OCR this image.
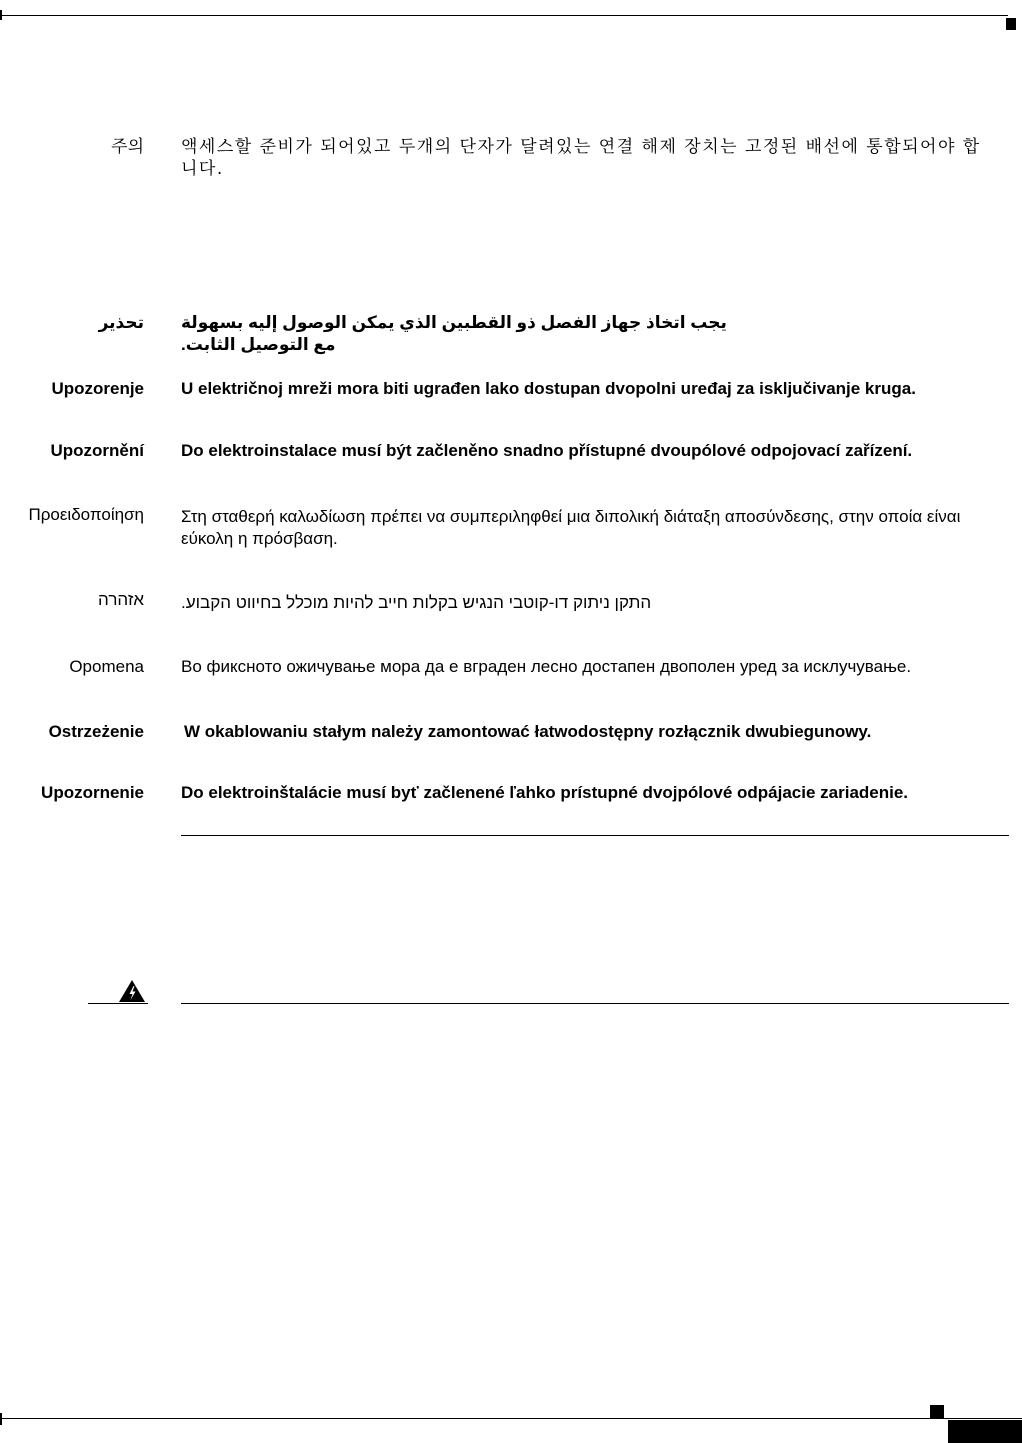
주의 액세스할 준비가 되어있고 두개의 단자가 달려있는 연결 해제 장치는 고정된 배선에 통합되어야 합니다.
تحذير يجب اتخاذ جهاز الفصل ذو القطبين الذي يمكن الوصول إليه بسهولة مع التوصيل الثابت.
Upozorenje U električnoj mreži mora biti ugrađen lako dostupan dvopolni uređaj za isključivanje kruga.
Upozornění Do elektroinstalace musí být začleněno snadno přístupné dvoupólové odpojovací zařízení.
Προειδοποίηση Στη σταθερή καλωδίωση πρέπει να συμπεριληφθεί μια διπολική διάταξη αποσύνδεσης, στην οποία είναι εύκολη η πρόσβαση.
אזהרה התקן ניתוק דו-קוטבי הנגיש בקלות חייב להיות מוכלל בחיווט הקבוע.
Opomena Во фиксното ожичување мора да е вграден лесно достапен двополен уред за исклучување.
Ostrzeżenie W okablowaniu stałym należy zamontować łatwodostępny rozłącznik dwubiegunowy.
Upozornenie Do elektroinštalácie musí byť začlenené ľahko prístupné dvojpólové odpájacie zariadenie.
